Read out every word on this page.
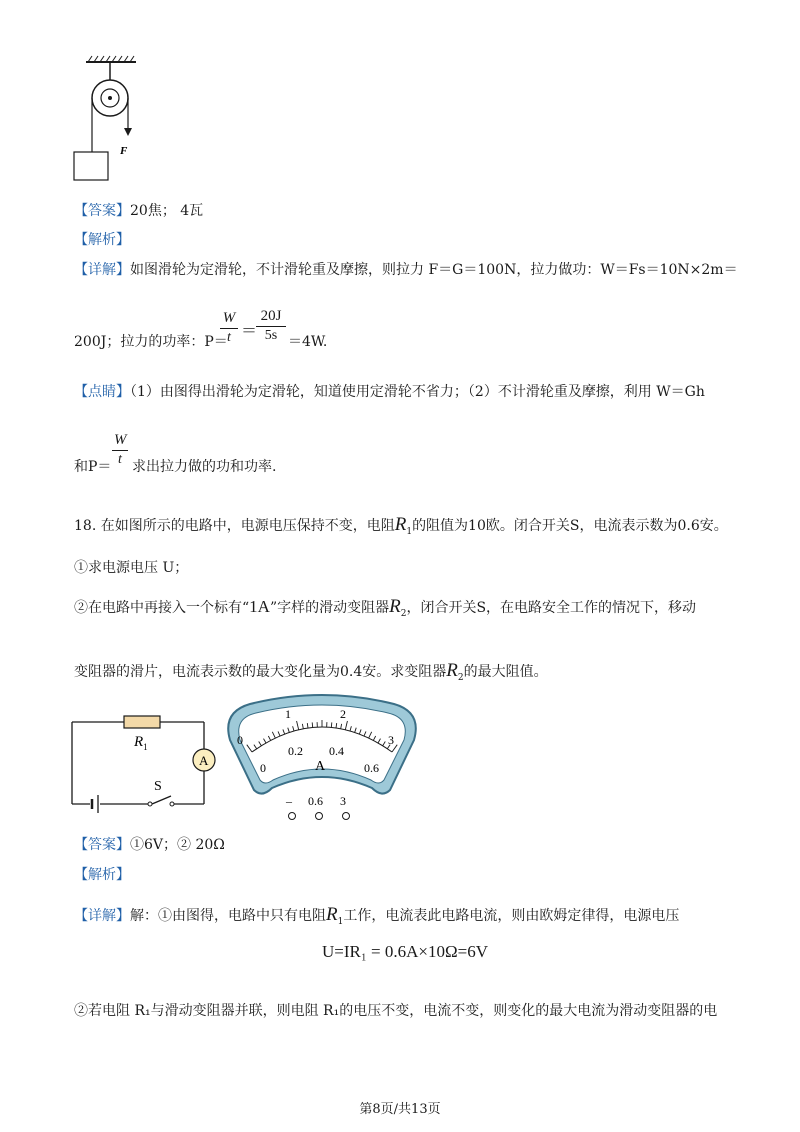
F
【答案】20焦； 4瓦
【解析】
【详解】如图滑轮为定滑轮，不计滑轮重及摩擦，则拉力 F＝G＝100N，拉力做功：W＝Fs＝10N×2m＝
200J；拉力的功率：P＝
W
t ＝
20J
5s ＝4W.
【点睛】（1）由图得出滑轮为定滑轮，知道使用定滑轮不省力；（2）不计滑轮重及摩擦，利用 W＝Gh
W
t
和P＝ 求出拉力做的功和功率.
18. 在如图所示的电路中，电源电压保持不变，电阻$R_1$的阻值为10欧。闭合开关S，电流表示数为0.6安。
①求电源电压 U；
②在电路中再接入一个标有“1A”字样的滑动变阻器$R_2$，闭合开关S，在电路安全工作的情况下，移动
变阻器的滑片，电流表示数的最大变化量为0.4安。求变阻器$R_2$的最大阻值。
A
$R_1$
S
0
1	2
3
0
0.2 0.4
0.6
A
– 0.6 3
【答案】①6V；② 20Ω
【解析】
【详解】解：①由图得，电路中只有电阻$R_1$工作，电流表此电路电流，则由欧姆定律得，电源电压
U=IR₁ = 0.6A×10Ω=6V
②若电阻 R₁与滑动变阻器并联，则电阻 R₁的电压不变，电流不变，则变化的最大电流为滑动变阻器的电
第8页/共13页
